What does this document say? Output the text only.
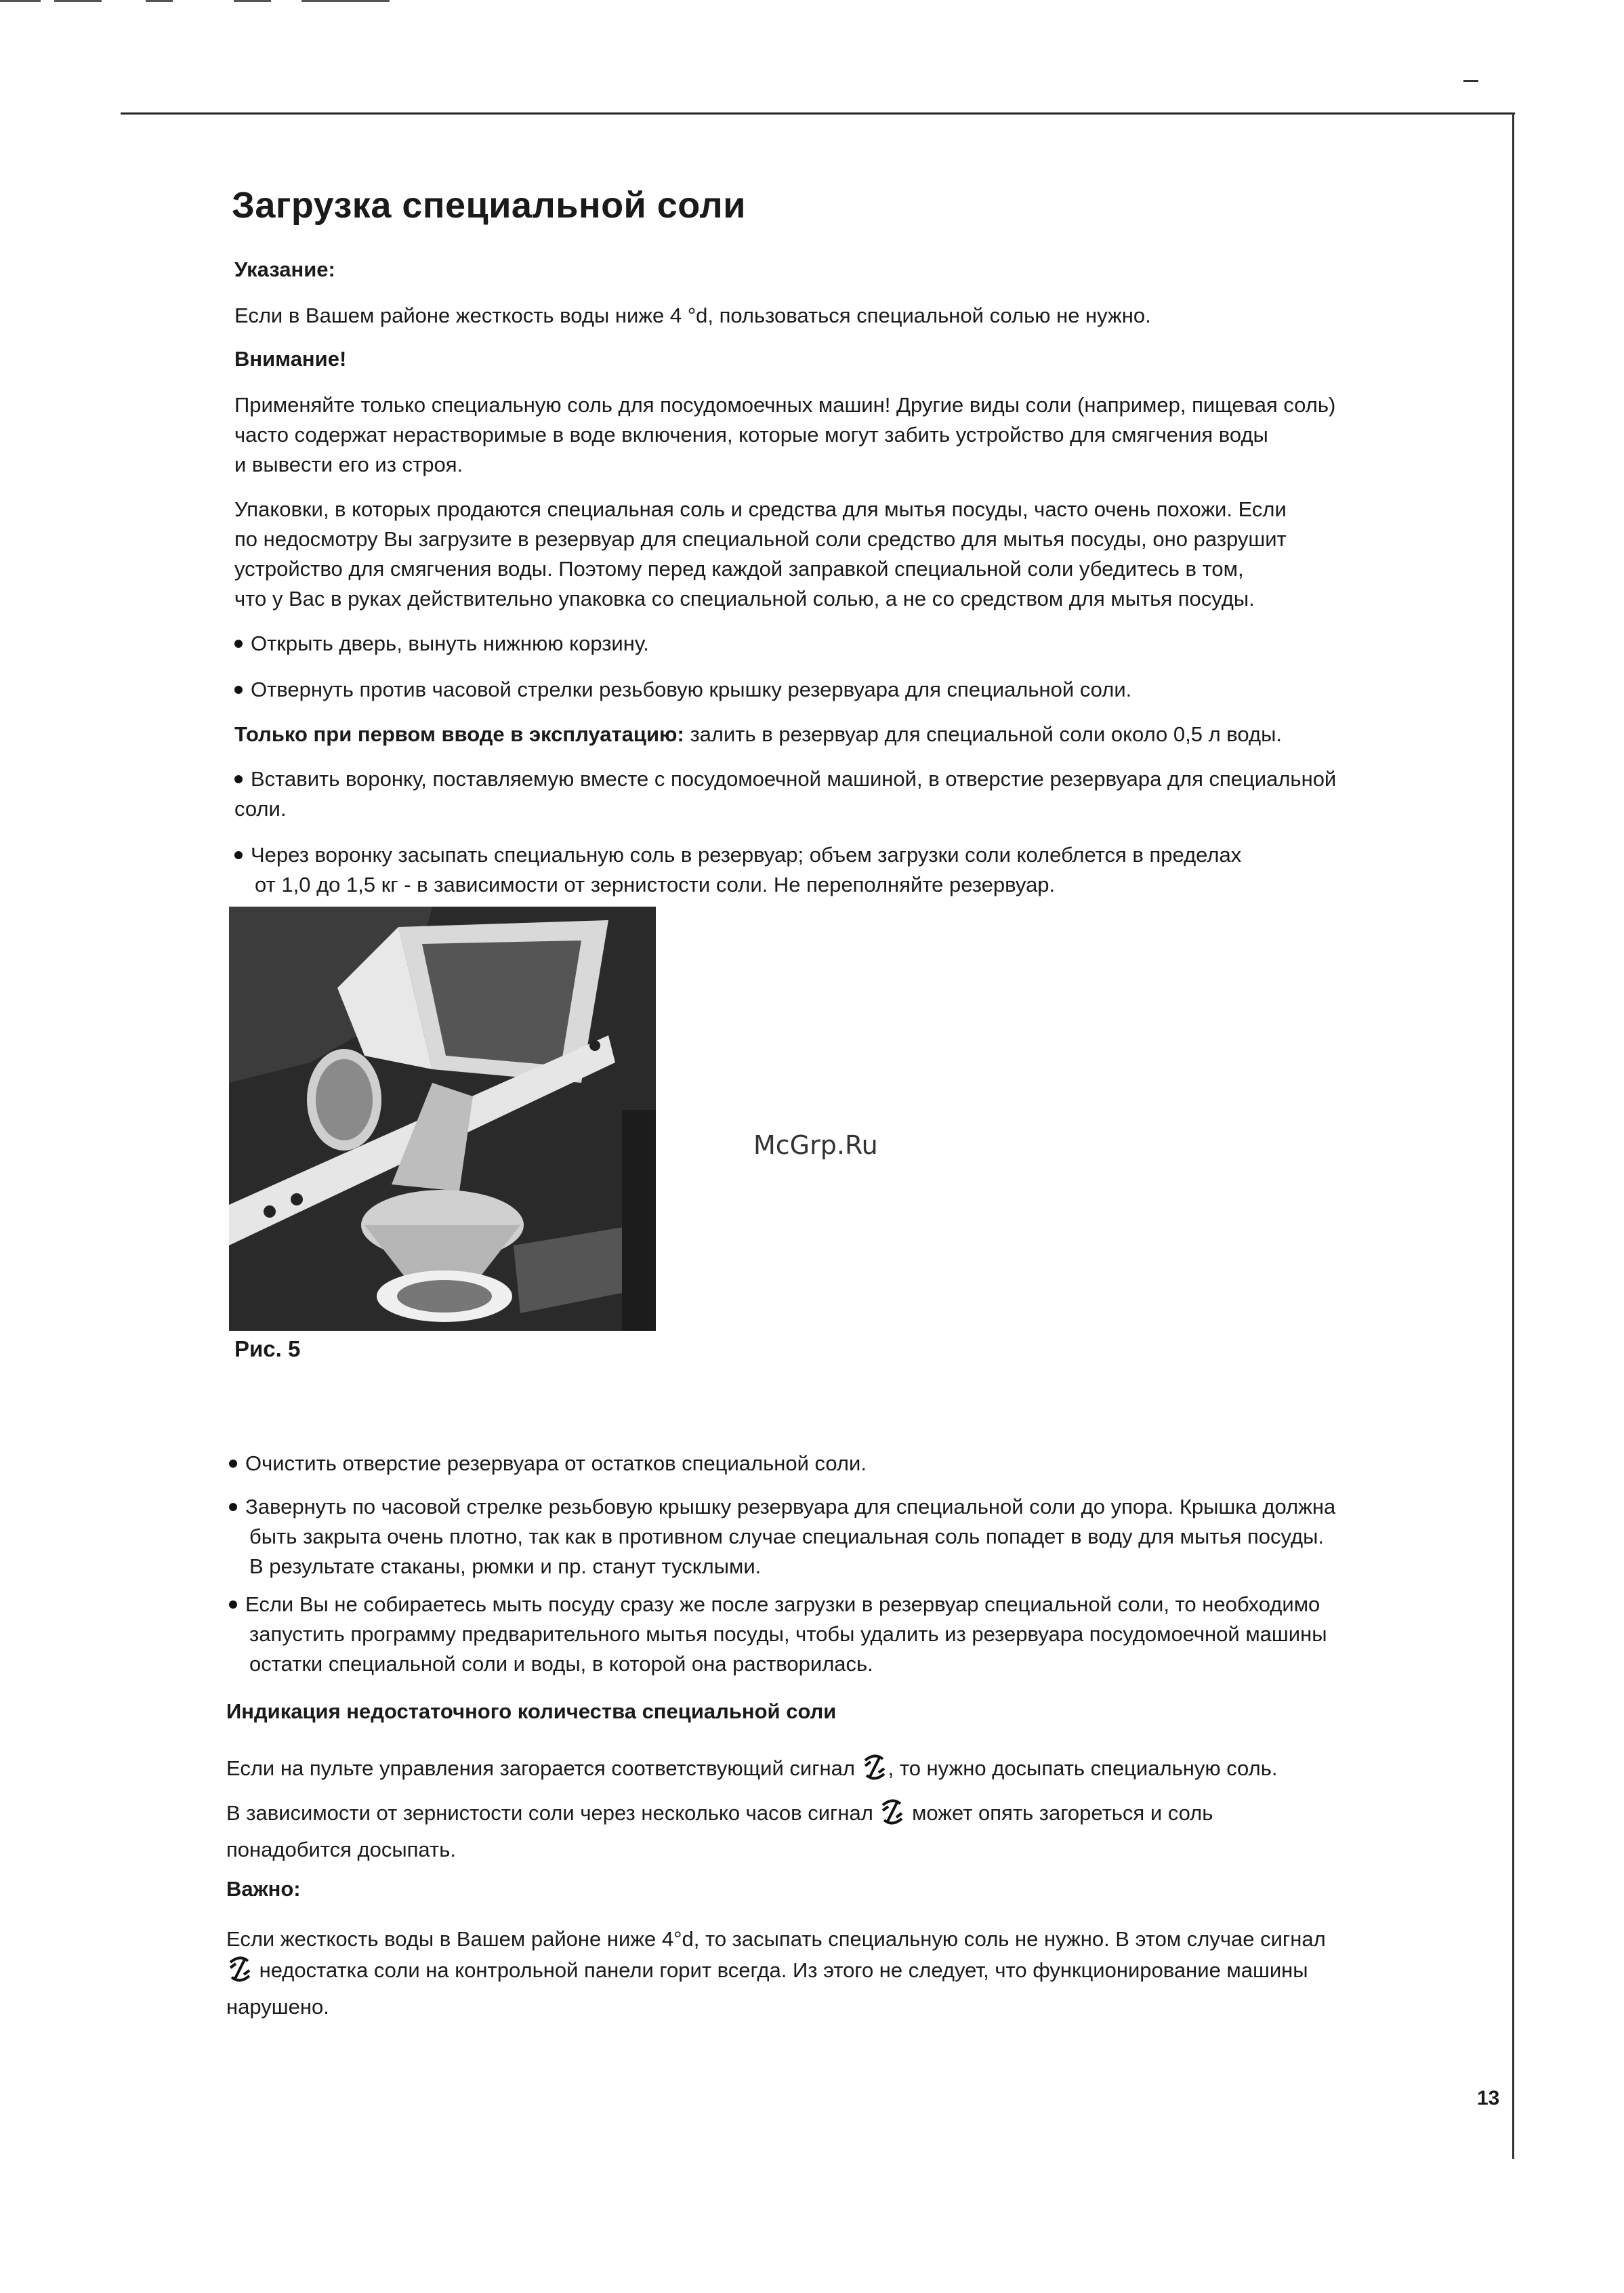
Загрузка специальной соли
Указание:

Если в Вашем районе жесткость воды ниже 4 °d, пользоваться специальной солью не нужно.

Внимание!

Применяйте только специальную соль для посудомоечных машин! Другие виды соли (например, пищевая соль)

часто содержат нерастворимые в воде включения, которые могут забить устройство для смягчения воды

и вывести его из строя.

Упаковки, в которых продаются специальная соль и средства для мытья посуды, часто очень похожи. Если

по недосмотру Вы загрузите в резервуар для специальной соли средство для мытья посуды, оно разрушит

устройство для смягчения воды. Поэтому перед каждой заправкой специальной соли убедитесь в том,

что у Вас в руках действительно упаковка со специальной солью, а не со средством для мытья посуды.

Открыть дверь, вынуть нижнюю корзину.

Отвернуть против часовой стрелки резьбовую крышку резервуара для специальной соли.

Только при первом вводе в эксплуатацию: залить в резервуар для специальной соли около 0,5 л воды.

Вставить воронку, поставляемую вместе с посудомоечной машиной, в отверстие резервуара для специальной

соли.

Через воронку засыпать специальную соль в резервуар; объем загрузки соли колеблется в пределах

от 1,0 до 1,5 кг - в зависимости от зернистости соли. Не переполняйте резервуар.

Рис. 5
McGrp.Ru

Очистить отверстие резервуара от остатков специальной соли.

Завернуть по часовой стрелке резьбовую крышку резервуара для специальной соли до упора. Крышка должна

быть закрыта очень плотно, так как в противном случае специальная соль попадет в воду для мытья посуды.

В результате стаканы, рюмки и пр. станут тусклыми.

Если Вы не собираетесь мыть посуду сразу же после загрузки в резервуар специальной соли, то необходимо

запустить программу предварительного мытья посуды, чтобы удалить из резервуара посудомоечной машины

остатки специальной соли и воды, в которой она растворилась.

Индикация недостаточного количества специальной соли

Если на пульте управления загорается соответствующий сигнал , то нужно досыпать специальную соль.

В зависимости от зернистости соли через несколько часов сигнал может опять загореться и соль

понадобится досыпать.

Важно:

Если жесткость воды в Вашем районе ниже 4°d, то засыпать специальную соль не нужно. В этом случае сигнал

недостатка соли на контрольной панели горит всегда. Из этого не следует, что функционирование машины

нарушено.

13
